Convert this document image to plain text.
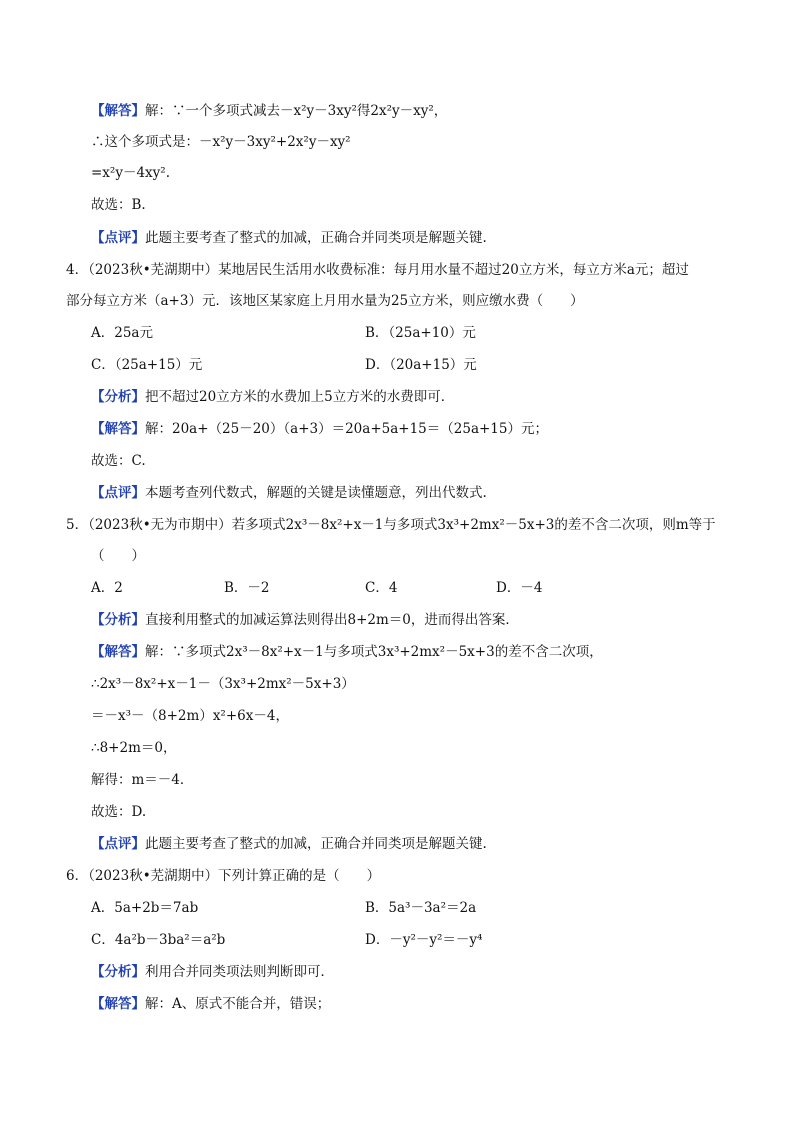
【解答】解：∵一个多项式减去－x²y－3xy²得2x²y－xy²，
∴这个多项式是：－x²y－3xy²+2x²y－xy²
=x²y－4xy².
故选：B.
【点评】此题主要考查了整式的加减，正确合并同类项是解题关键.
4．（2023秋•芜湖期中）某地居民生活用水收费标准：每月用水量不超过20立方米，每立方米a元；超过
部分每立方米（a+3）元．该地区某家庭上月用水量为25立方米，则应缴水费（　　）
A．25a元	B．（25a+10）元
C．（25a+15）元	D．（20a+15）元
【分析】把不超过20立方米的水费加上5立方米的水费即可．
【解答】解：20a+（25－20）（a+3）＝20a+5a+15＝（25a+15）元；
故选：C.
【点评】本题考查列代数式，解题的关键是读懂题意，列出代数式.
5．（2023秋•无为市期中）若多项式2x³－8x²+x－1与多项式3x³+2mx²－5x+3的差不含二次项，则m等于
（　　）
A．2	B．－2	C．4	D．－4
【分析】直接利用整式的加减运算法则得出8+2m＝0，进而得出答案．
【解答】解：∵多项式2x³－8x²+x－1与多项式3x³+2mx²－5x+3的差不含二次项，
∴2x³－8x²+x－1－（3x³+2mx²－5x+3）
＝－x³－（8+2m）x²+6x－4，
∴8+2m＝0，
解得：m＝－4．
故选：D.
【点评】此题主要考查了整式的加减，正确合并同类项是解题关键.
6．（2023秋•芜湖期中）下列计算正确的是（　　）
A．5a+2b＝7ab	B．5a³－3a²＝2a
C．4a²b－3ba²＝a²b	D．－y²－y²＝－y⁴
【分析】利用合并同类项法则判断即可．
【解答】解：A、原式不能合并，错误；
